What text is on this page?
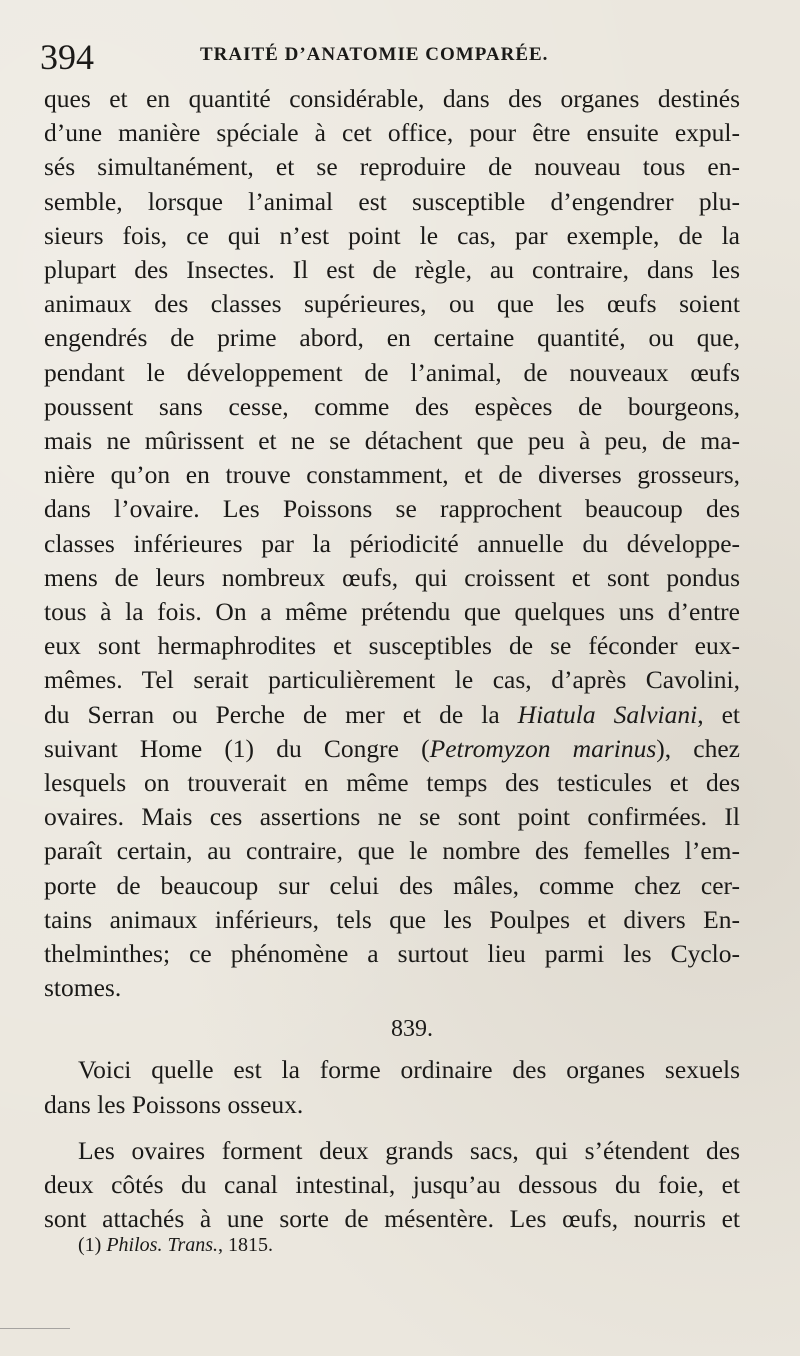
394	TRAITÉ D’ANATOMIE COMPARÉE.
ques et en quantité considérable, dans des organes destinés
d’une manière spéciale à cet office, pour être ensuite expul-
sés simultanément, et se reproduire de nouveau tous en-
semble, lorsque l’animal est susceptible d’engendrer plu-
sieurs fois, ce qui n’est point le cas, par exemple, de la
plupart des Insectes. Il est de règle, au contraire, dans les
animaux des classes supérieures, ou que les œufs soient
engendrés de prime abord, en certaine quantité, ou que,
pendant le développement de l’animal, de nouveaux œufs
poussent sans cesse, comme des espèces de bourgeons,
mais ne mûrissent et ne se détachent que peu à peu, de ma-
nière qu’on en trouve constamment, et de diverses grosseurs,
dans l’ovaire. Les Poissons se rapprochent beaucoup des
classes inférieures par la périodicité annuelle du développe-
mens de leurs nombreux œufs, qui croissent et sont pondus
tous à la fois. On a même prétendu que quelques uns d’entre
eux sont hermaphrodites et susceptibles de se féconder eux-
mêmes. Tel serait particulièrement le cas, d’après Cavolini,
du Serran ou Perche de mer et de la Hiatula Salviani, et
suivant Home (1) du Congre (Petromyzon marinus), chez
lesquels on trouverait en même temps des testicules et des
ovaires. Mais ces assertions ne se sont point confirmées. Il
paraît certain, au contraire, que le nombre des femelles l’em-
porte de beaucoup sur celui des mâles, comme chez cer-
tains animaux inférieurs, tels que les Poulpes et divers En-
thelminthes; ce phénomène a surtout lieu parmi les Cyclo-
stomes.
839.
Voici quelle est la forme ordinaire des organes sexuels
dans les Poissons osseux.
Les ovaires forment deux grands sacs, qui s’étendent des
deux côtés du canal intestinal, jusqu’au dessous du foie, et
sont attachés à une sorte de mésentère. Les œufs, nourris et
(1) Philos. Trans., 1815.
